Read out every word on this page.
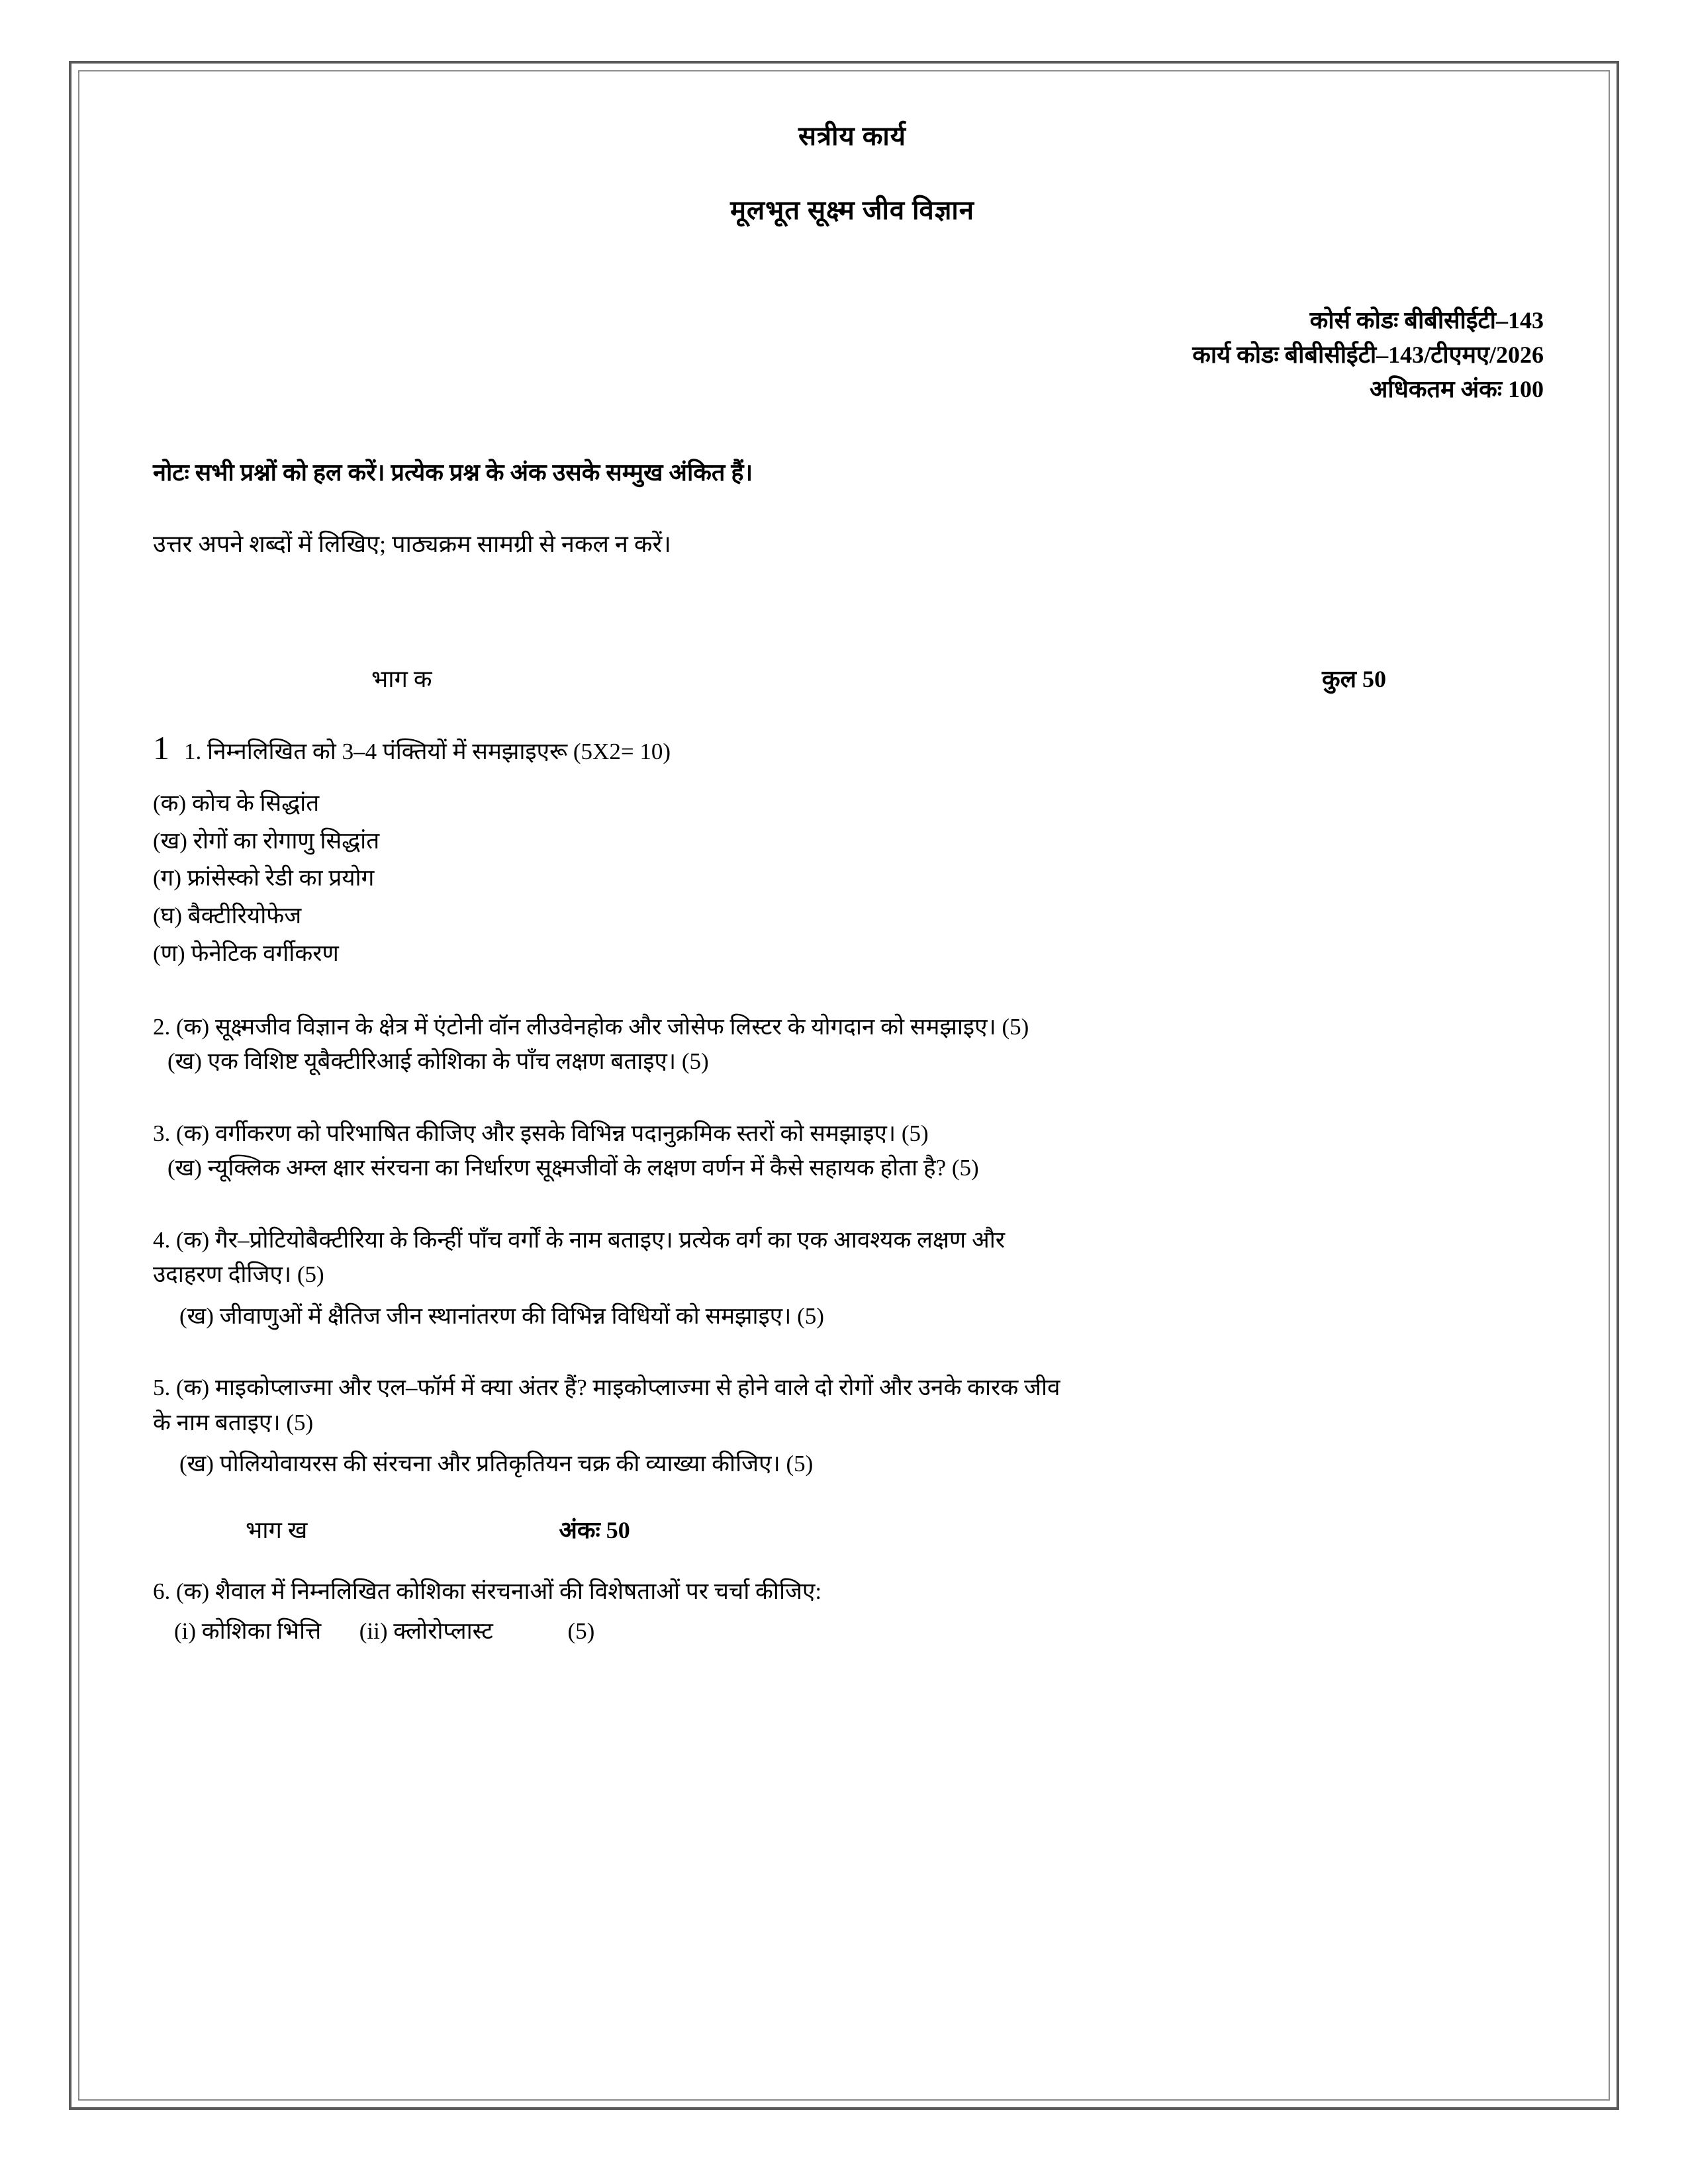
सत्रीय कार्य
मूलभूत सूक्ष्म जीव विज्ञान
कोर्स कोडः बीबीसीईटी–143
कार्य कोडः बीबीसीईटी–143/टीएमए/2026
अधिकतम अंकः 100
नोटः सभी प्रश्नों को हल करें। प्रत्येक प्रश्न के अंक उसके सम्मुख अंकित हैं।
उत्तर अपने शब्दों में लिखिए; पाठ्यक्रम सामग्री से नकल न करें।
भाग क	कुल 50
1 1. निम्नलिखित को 3–4 पंक्तियों में समझाइएरू (5X2= 10)
(क) कोच के सिद्धांत
(ख) रोगों का रोगाणु सिद्धांत
(ग) फ्रांसेस्को रेडी का प्रयोग
(घ) बैक्टीरियोफेज
(ण) फेनेटिक वर्गीकरण
2. (क) सूक्ष्मजीव विज्ञान के क्षेत्र में एंटोनी वॉन लीउवेनहोक और जोसेफ लिस्टर के योगदान को समझाइए। (5)
(ख) एक विशिष्ट यूबैक्टीरिआई कोशिका के पाँच लक्षण बताइए। (5)
3. (क) वर्गीकरण को परिभाषित कीजिए और इसके विभिन्न पदानुक्रमिक स्तरों को समझाइए। (5)
(ख) न्यूक्लिक अम्ल क्षार संरचना का निर्धारण सूक्ष्मजीवों के लक्षण वर्णन में कैसे सहायक होता है? (5)
4. (क) गैर–प्रोटियोबैक्टीरिया के किन्हीं पाँच वर्गों के नाम बताइए। प्रत्येक वर्ग का एक आवश्यक लक्षण और
उदाहरण दीजिए। (5)
(ख) जीवाणुओं में क्षैतिज जीन स्थानांतरण की विभिन्न विधियों को समझाइए। (5)
5. (क) माइकोप्लाज्मा और एल–फॉर्म में क्या अंतर हैं? माइकोप्लाज्मा से होने वाले दो रोगों और उनके कारक जीव
के नाम बताइए। (5)
(ख) पोलियोवायरस की संरचना और प्रतिकृतियन चक्र की व्याख्या कीजिए। (5)
भाग ख	अंकः 50
6. (क) शैवाल में निम्नलिखित कोशिका संरचनाओं की विशेषताओं पर चर्चा कीजिए:
(i) कोशिका भित्ति (ii) क्लोरोप्लास्ट	(5)
